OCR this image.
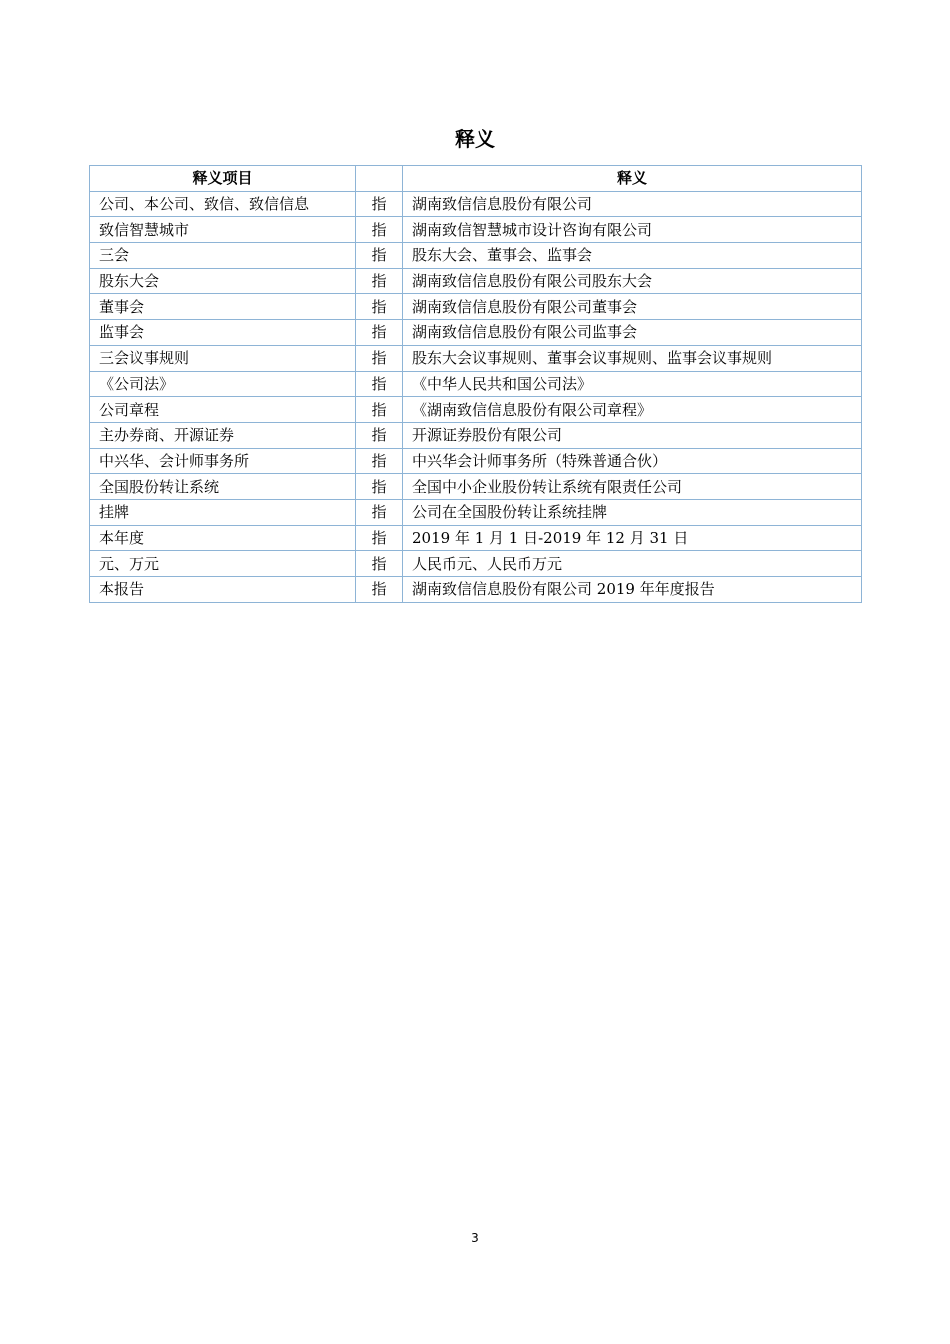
释义
释义项目		释义
公司、本公司、致信、致信信息	指	湖南致信信息股份有限公司
致信智慧城市	指	湖南致信智慧城市设计咨询有限公司
三会	指	股东大会、董事会、监事会
股东大会	指	湖南致信信息股份有限公司股东大会
董事会	指	湖南致信信息股份有限公司董事会
监事会	指	湖南致信信息股份有限公司监事会
三会议事规则	指	股东大会议事规则、董事会议事规则、监事会议事规则
《公司法》	指	《中华人民共和国公司法》
公司章程	指	《湖南致信信息股份有限公司章程》
主办券商、开源证券	指	开源证券股份有限公司
中兴华、会计师事务所	指	中兴华会计师事务所（特殊普通合伙）
全国股份转让系统	指	全国中小企业股份转让系统有限责任公司
挂牌	指	公司在全国股份转让系统挂牌
本年度	指	2019 年 1 月 1 日-2019 年 12 月 31 日
元、万元	指	人民币元、人民币万元
本报告	指	湖南致信信息股份有限公司 2019 年年度报告
3
